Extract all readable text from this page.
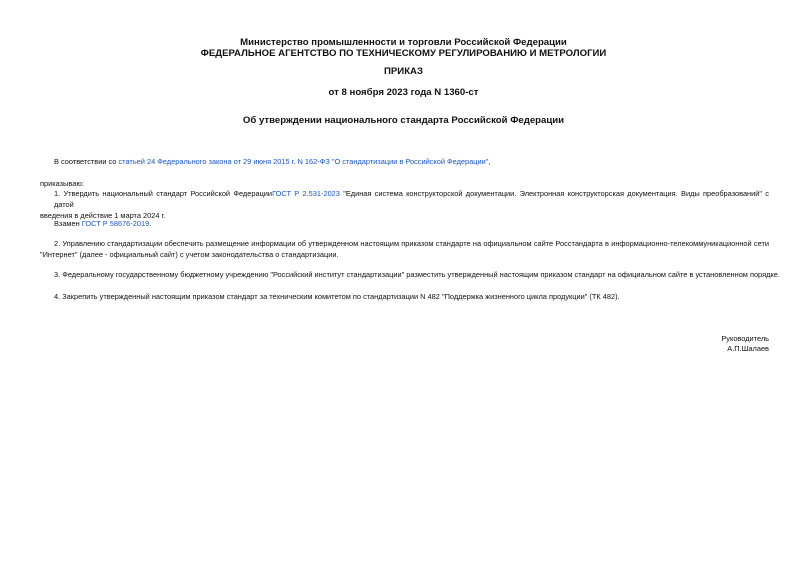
Министерство промышленности и торговли Российской Федерации
ФЕДЕРАЛЬНОЕ АГЕНТСТВО ПО ТЕХНИЧЕСКОМУ РЕГУЛИРОВАНИЮ И МЕТРОЛОГИИ
ПРИКАЗ
от 8 ноября 2023 года N 1360-ст
Об утверждении национального стандарта Российской Федерации
В соответствии со статьей 24 Федерального закона от 29 июня 2015 г. N 162-ФЗ "О стандартизации в Российской Федерации",
приказываю:
1. Утвердить национальный стандарт Российской ФедерацииГОСТ Р 2.531-2023 "Единая система конструкторской документации. Электронная конструкторская документация. Виды преобразований" с датой
введения в действие 1 марта 2024 г.
Взамен ГОСТ Р 58676-2019.
2. Управлению стандартизации обеспечить размещение информации об утвержденном настоящим приказом стандарте на официальном сайте Росстандарта в информационно-телекоммуникационной сети
"Интернет" (далее - официальный сайт) с учетом законодательства о стандартизации.
3. Федеральному государственному бюджетному учреждению "Российский институт стандартизации" разместить утвержденный настоящим приказом стандарт на официальном сайте в установленном порядке.
4. Закрепить утвержденный настоящим приказом стандарт за техническим комитетом по стандартизации N 482 "Поддержка жизненного цикла продукции" (ТК 482).
Руководитель
А.П.Шалаев
